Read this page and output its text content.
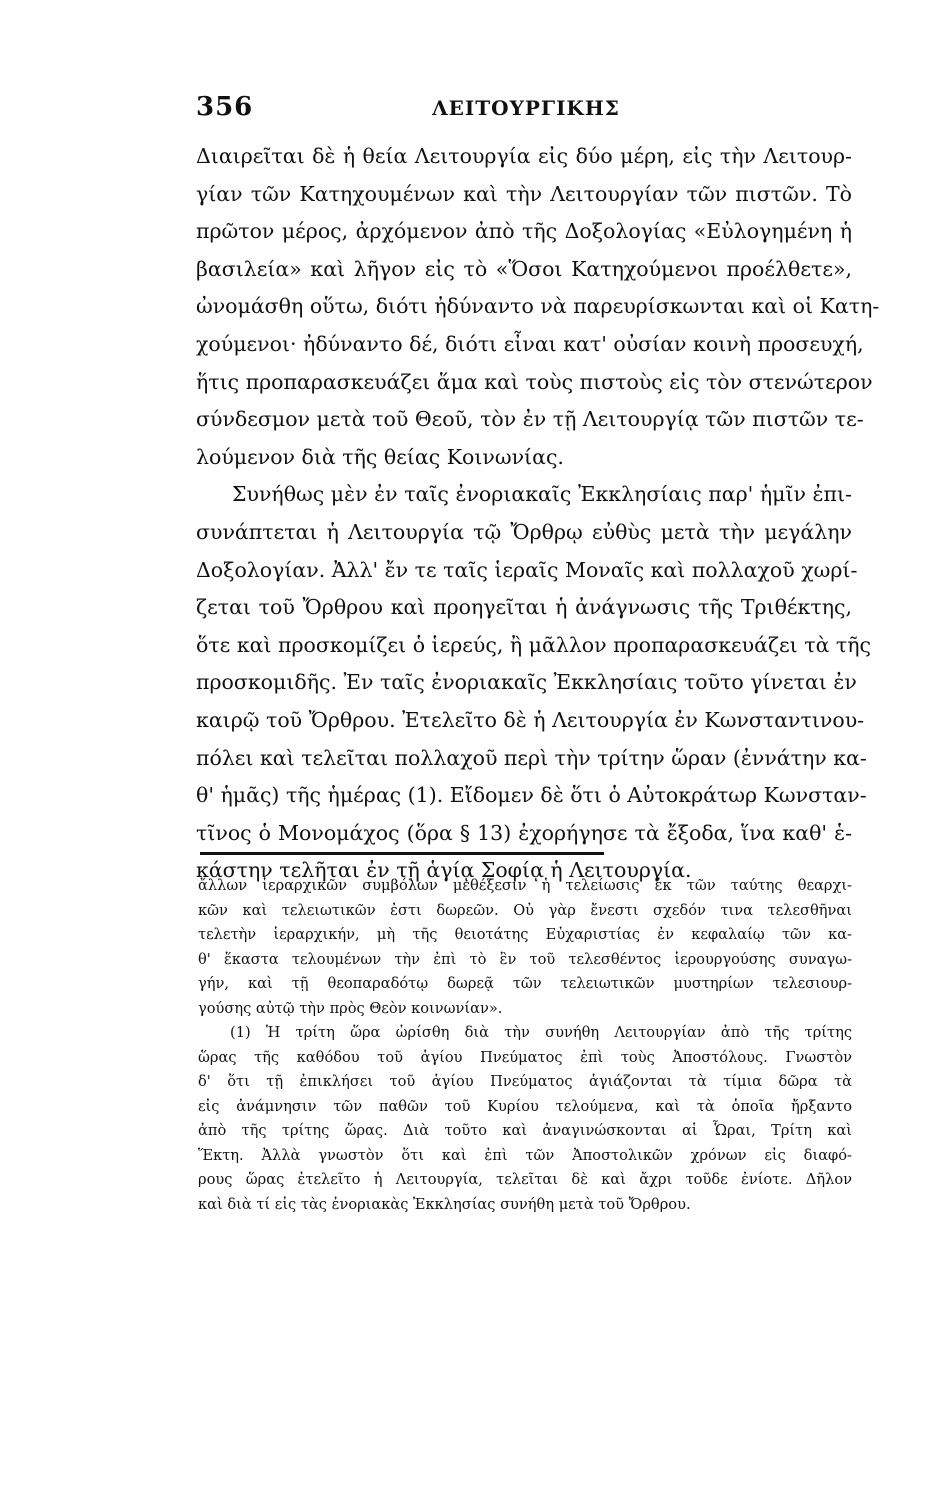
356	ΛΕΙΤΟΥΡΓΙΚΗΣ
Διαιρεῖται δὲ ἡ θεία Λειτουργία εἰς δύο μέρη, εἰς τὴν Λειτουρ-
γίαν τῶν Κατηχουμένων καὶ τὴν Λειτουργίαν τῶν πιστῶν. Τὸ
πρῶτον μέρος, ἀρχόμενον ἀπὸ τῆς Δοξολογίας «Εὐλογημένη ἡ
βασιλεία» καὶ λῆγον εἰς τὸ «Ὅσοι Κατηχούμενοι προέλθετε»,
ὠνομάσθη οὕτω, διότι ἠδύναντο νὰ παρευρίσκωνται καὶ οἱ Κατη-
χούμενοι· ἠδύναντο δέ, διότι εἶναι κατ' οὐσίαν κοινὴ προσευχή,
ἥτις προπαρασκευάζει ἅμα καὶ τοὺς πιστοὺς εἰς τὸν στενώτερον
σύνδεσμον μετὰ τοῦ Θεοῦ, τὸν ἐν τῇ Λειτουργίᾳ τῶν πιστῶν τε-
λούμενον διὰ τῆς θείας Κοινωνίας.
Συνήθως μὲν ἐν ταῖς ἐνοριακαῖς Ἐκκλησίαις παρ' ἡμῖν ἐπι-
συνάπτεται ἡ Λειτουργία τῷ Ὄρθρῳ εὐθὺς μετὰ τὴν μεγάλην
Δοξολογίαν. Ἀλλ' ἔν τε ταῖς ἱεραῖς Μοναῖς καὶ πολλαχοῦ χωρί-
ζεται τοῦ Ὄρθρου καὶ προηγεῖται ἡ ἀνάγνωσις τῆς Τριθέκτης,
ὅτε καὶ προσκομίζει ὁ ἱερεύς, ἢ μᾶλλον προπαρασκευάζει τὰ τῆς
προσκομιδῆς. Ἐν ταῖς ἐνοριακαῖς Ἐκκλησίαις τοῦτο γίνεται ἐν
καιρῷ τοῦ Ὄρθρου. Ἐτελεῖτο δὲ ἡ Λειτουργία ἐν Κωνσταντινου-
πόλει καὶ τελεῖται πολλαχοῦ περὶ τὴν τρίτην ὥραν (ἐννάτην κα-
θ' ἡμᾶς) τῆς ἡμέρας (1). Εἴδομεν δὲ ὅτι ὁ Αὐτοκράτωρ Κωνσταν-
τῖνος ὁ Μονομάχος (ὅρα § 13) ἐχορήγησε τὰ ἔξοδα, ἵνα καθ' ἑ-
κάστην τελῆται ἐν τῇ ἁγίᾳ Σοφίᾳ ἡ Λειτουργία.
ἄλλων ἱεραρχικῶν συμβόλων μεθέξεσιν ἡ τελείωσις ἐκ τῶν ταύτης θεαρχι-
κῶν καὶ τελειωτικῶν ἐστι δωρεῶν. Οὐ γὰρ ἔνεστι σχεδόν τινα τελεσθῆναι
τελετὴν ἱεραρχικήν, μὴ τῆς θειοτάτης Εὐχαριστίας ἐν κεφαλαίῳ τῶν κα-
θ' ἕκαστα τελουμένων τὴν ἐπὶ τὸ ἓν τοῦ τελεσθέντος ἱερουργούσης συναγω-
γήν, καὶ τῇ θεοπαραδότῳ δωρεᾷ τῶν τελειωτικῶν μυστηρίων τελεσιουρ-
γούσης αὐτῷ τὴν πρὸς Θεὸν κοινωνίαν».
(1) Ἡ τρίτη ὥρα ὡρίσθη διὰ τὴν συνήθη Λειτουργίαν ἀπὸ τῆς τρίτης
ὥρας τῆς καθόδου τοῦ ἁγίου Πνεύματος ἐπὶ τοὺς Ἀποστόλους. Γνωστὸν
δ' ὅτι τῇ ἐπικλήσει τοῦ ἁγίου Πνεύματος ἁγιάζονται τὰ τίμια δῶρα τὰ
εἰς ἀνάμνησιν τῶν παθῶν τοῦ Κυρίου τελούμενα, καὶ τὰ ὁποῖα ἤρξαντο
ἀπὸ τῆς τρίτης ὥρας. Διὰ τοῦτο καὶ ἀναγινώσκονται αἱ Ὧραι, Τρίτη καὶ
Ἕκτη. Ἀλλὰ γνωστὸν ὅτι καὶ ἐπὶ τῶν Ἀποστολικῶν χρόνων εἰς διαφό-
ρους ὥρας ἐτελεῖτο ἡ Λειτουργία, τελεῖται δὲ καὶ ἄχρι τοῦδε ἐνίοτε. Δῆλον
καὶ διὰ τί εἰς τὰς ἐνοριακὰς Ἐκκλησίας συνήθη μετὰ τοῦ Ὄρθρου.
